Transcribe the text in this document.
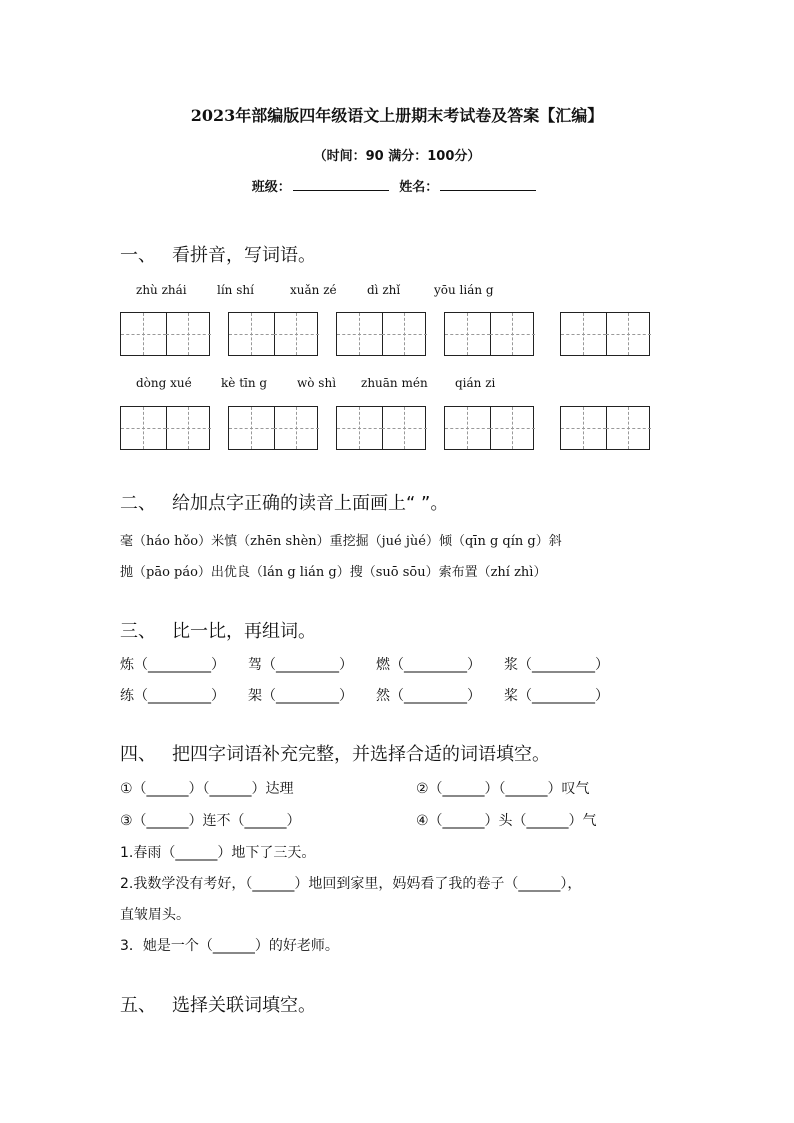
2023年部编版四年级语文上册期末考试卷及答案【汇编】
（时间：90 满分：100分）
班级：	姓名：
一、 看拼音，写词语。
zhù zhái	lín shí	xuǎn zé	dì zhǐ	yōu lián g
dòng xué kè tīn g wò shì zhuān mén qián zi
二、 给加点字正确的读音上面画上“ ”。
毫（háo hǒo）米慎（zhēn shèn）重挖掘（jué jùé）倾（qīn g qín g）斜
抛（pāo páo）出优良（lán g lián g）搜（suō sōu）索布置（zhí zhì）
三、 比一比，再组词。
炼（_________） 驾（_________） 燃（_________） 浆（_________）
练（_________） 架（_________） 然（_________） 桨（_________）
四、 把四字词语补充完整，并选择合适的词语填空。
①（______）（______）达理	②（______）（______）叹气
③（______）连不（______）	④（______）头（______）气
1.春雨（______）地下了三天。
2.我数学没有考好，（______）地回到家里，妈妈看了我的卷子（______），
直皱眉头。
3．她是一个（______）的好老师。
五、 选择关联词填空。
